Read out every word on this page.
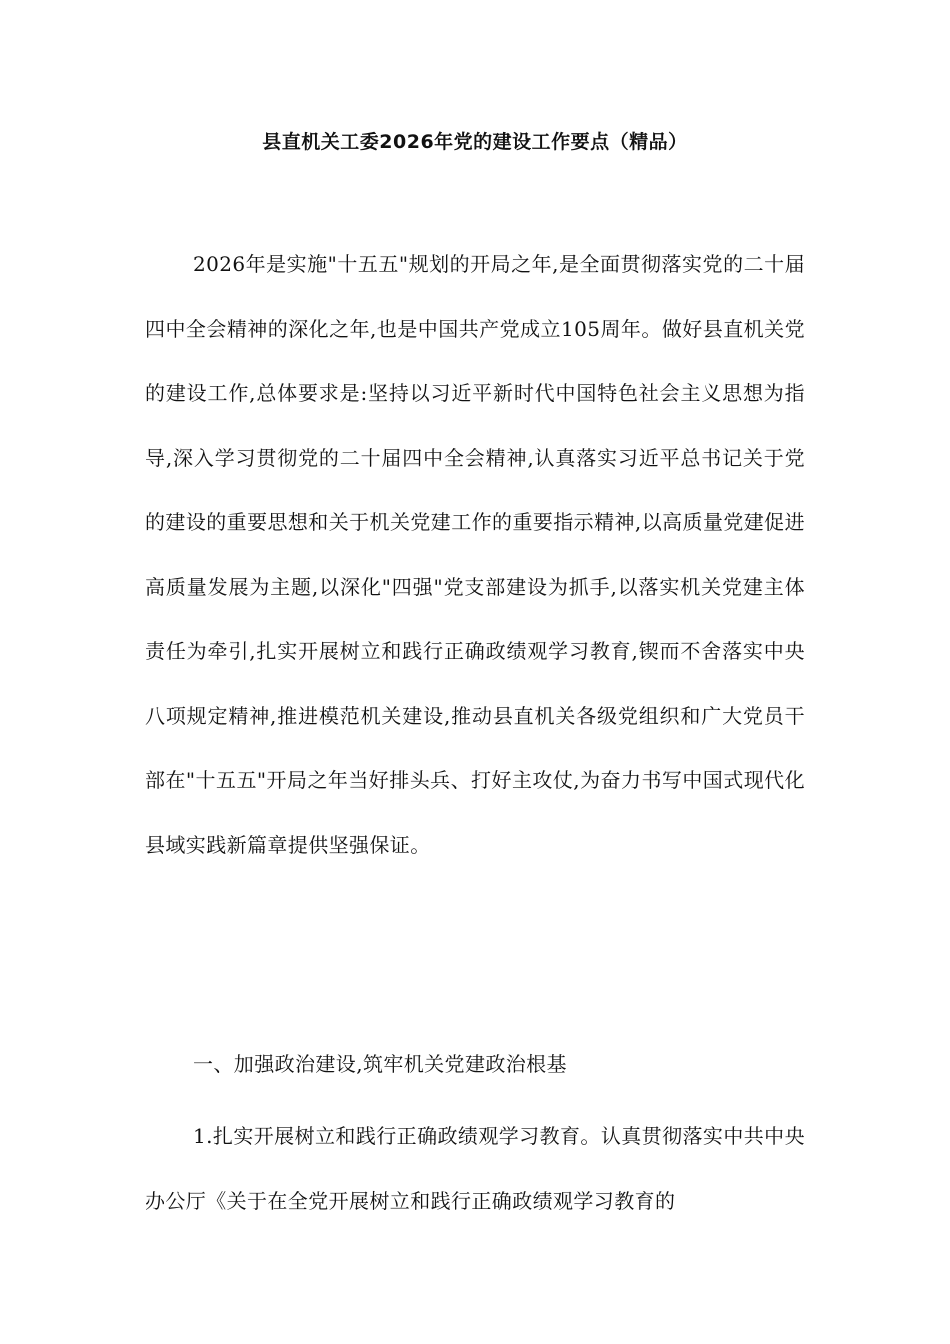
县直机关工委2026年党的建设工作要点（精品）
2026年是实施"十五五"规划的开局之年,是全面贯彻落实党的二十届四中全会精神的深化之年,也是中国共产党成立105周年。做好县直机关党的建设工作,总体要求是:坚持以习近平新时代中国特色社会主义思想为指导,深入学习贯彻党的二十届四中全会精神,认真落实习近平总书记关于党的建设的重要思想和关于机关党建工作的重要指示精神,以高质量党建促进高质量发展为主题,以深化"四强"党支部建设为抓手,以落实机关党建主体责任为牵引,扎实开展树立和践行正确政绩观学习教育,锲而不舍落实中央八项规定精神,推进模范机关建设,推动县直机关各级党组织和广大党员干部在"十五五"开局之年当好排头兵、打好主攻仗,为奋力书写中国式现代化县域实践新篇章提供坚强保证。
一、加强政治建设,筑牢机关党建政治根基
1.扎实开展树立和践行正确政绩观学习教育。认真贯彻落实中共中央办公厅《关于在全党开展树立和践行正确政绩观学习教育的
